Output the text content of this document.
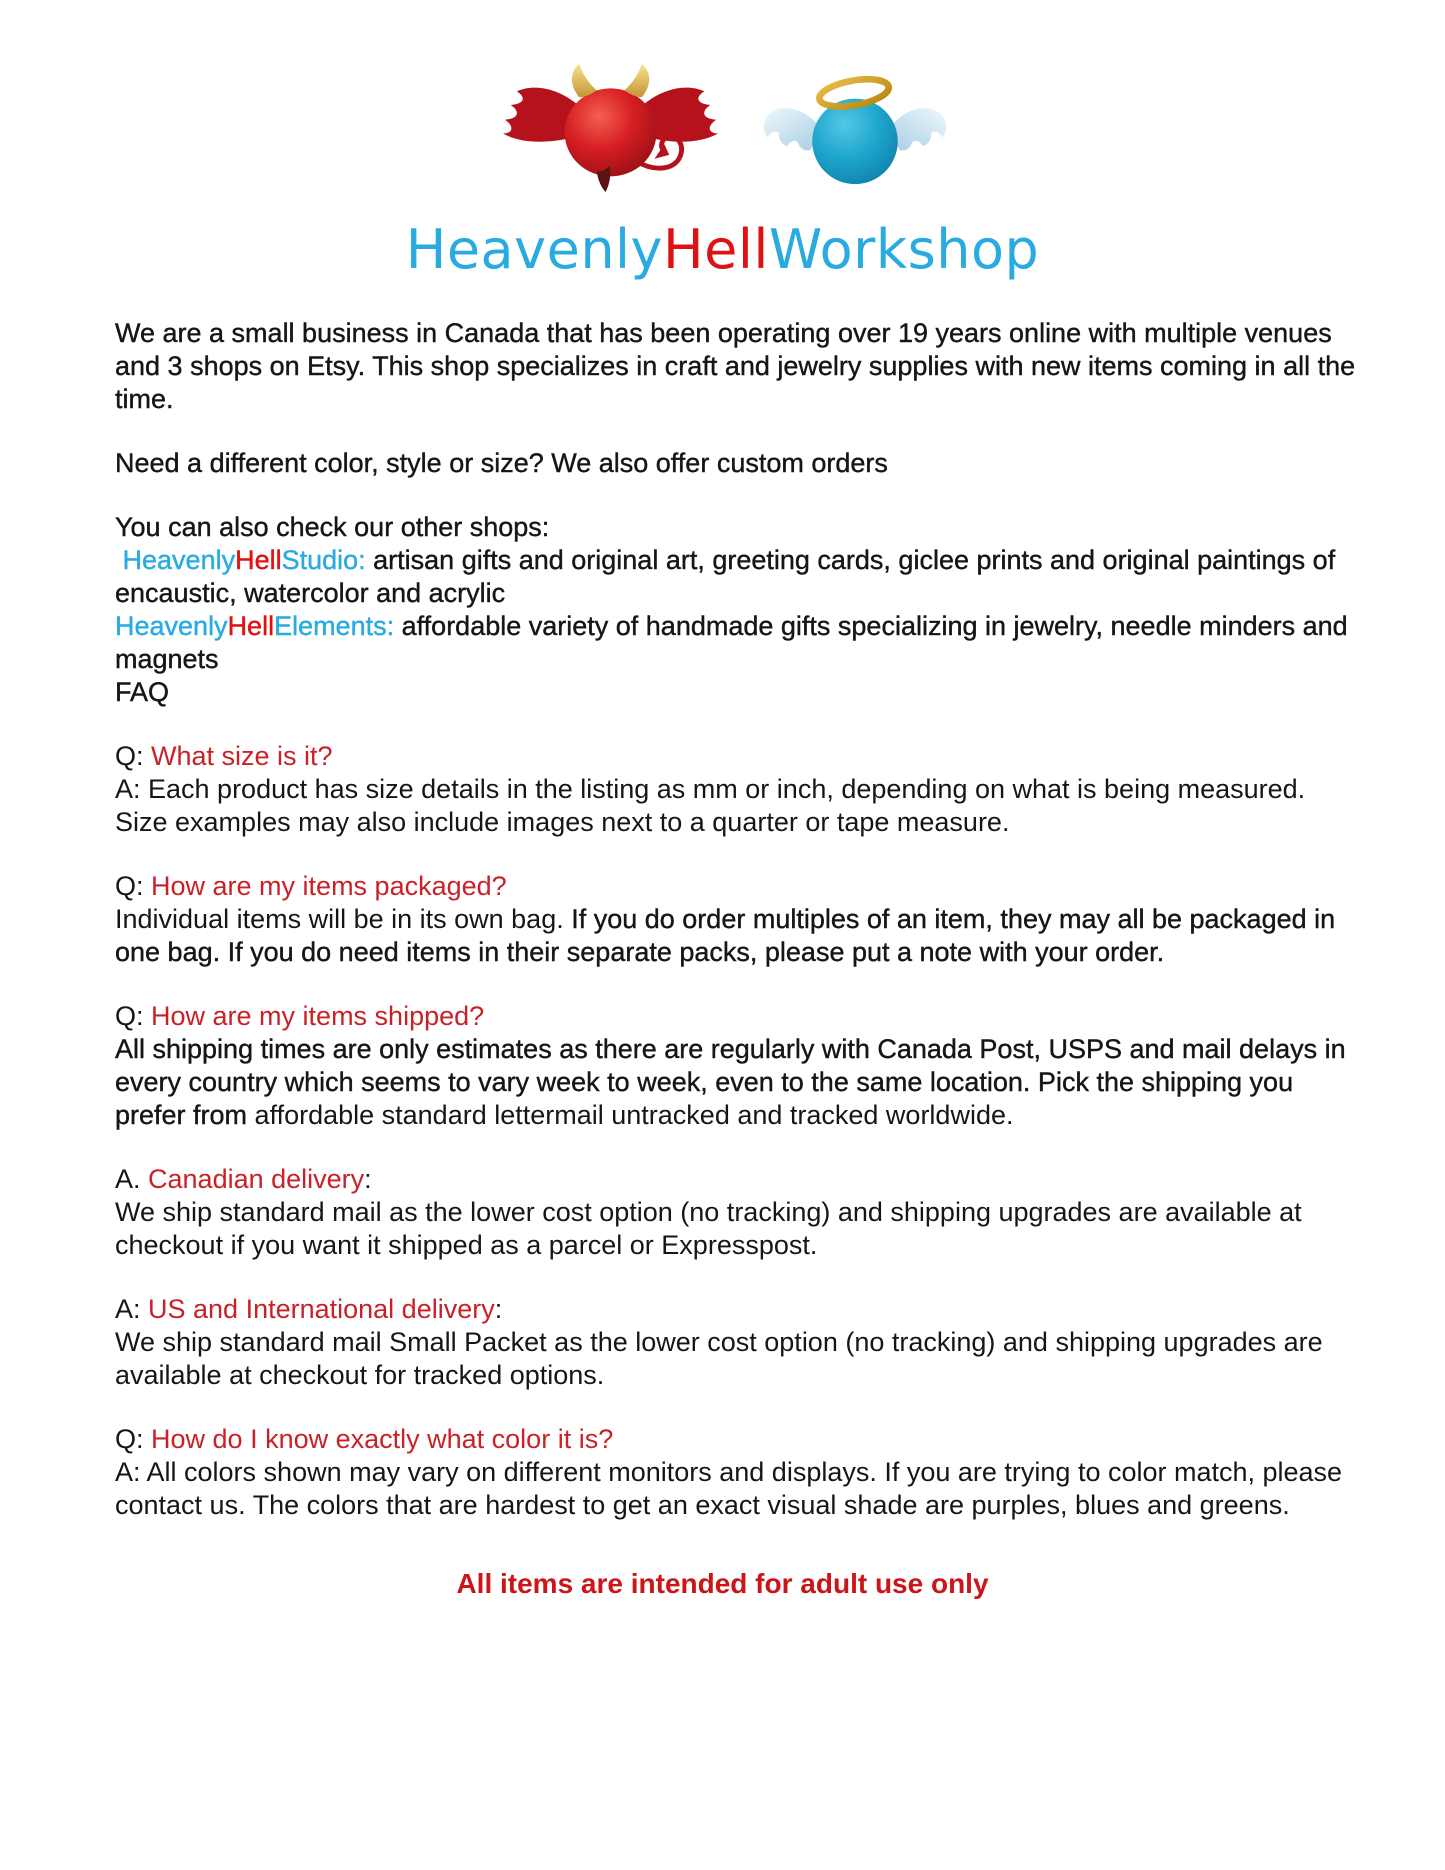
HeavenlyHellWorkshop

We are a small business in Canada that has been operating over 19 years online with multiple venues and 3 shops on Etsy. This shop specializes in craft and jewelry supplies with new items coming in all the time.

Need a different color, style or size? We also offer custom orders

You can also check our other shops:
HeavenlyHellStudio: artisan gifts and original art, greeting cards, giclee prints and original paintings of encaustic, watercolor and acrylic
HeavenlyHellElements: affordable variety of handmade gifts specializing in jewelry, needle minders and magnets
FAQ
Q: What size is it?
A: Each product has size details in the listing as mm or inch, depending on what is being measured. Size examples may also include images next to a quarter or tape measure.
Q: How are my items packaged?
Individual items will be in its own bag. If you do order multiples of an item, they may all be packaged in one bag. If you do need items in their separate packs, please put a note with your order.
Q: How are my items shipped?
All shipping times are only estimates as there are regularly with Canada Post, USPS and mail delays in every country which seems to vary week to week, even to the same location. Pick the shipping you prefer from affordable standard lettermail untracked and tracked worldwide.
A. Canadian delivery:
We ship standard mail as the lower cost option (no tracking) and shipping upgrades are available at checkout if you want it shipped as a parcel or Expresspost.
A: US and International delivery:
We ship standard mail Small Packet as the lower cost option (no tracking) and shipping upgrades are available at checkout for tracked options.
Q: How do I know exactly what color it is?
A: All colors shown may vary on different monitors and displays. If you are trying to color match, please contact us. The colors that are hardest to get an exact visual shade are purples, blues and greens.

All items are intended for adult use only
